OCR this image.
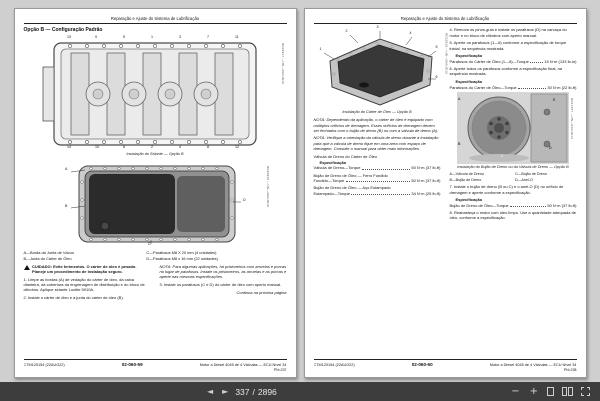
Reparação e Ajuste do Sistema de Lubrificação
Opção B — Configuração Padrão
13	9	5	1	3	7	11
14	10	6	2	4	8	12
RG22917 —UN—29AUG19
Instalação do Selante — Opção B
A
B
C
D	RG22918 —UN—29AUG19
A—Borda da Junta de Vácuo	C—Parafusos M8 X 20 mm (4 unidades)
B—Junta do Cárter de Óleo	D—Parafusos M8 x 16 mm (22 unidades)
CUIDADO: Evite ferimentos. O cárter de óleo é pesado. Planeje um procedimento de instalação seguro.
1. Limpe as bordas (A) de vedação do cárter de óleo, da caixa dianteira, da cobertura da engrenagem de distribuição e do bloco de cilindros. Aplique selante Loctite 5910A.
2. Instale o cárter de óleo e a junta do cárter de óleo (B).
NOTA: Para algumas aplicações, há prisioneiros com arruelas e porcas no lugar de parafusos. Instale os prisioneiros, as arruelas e as porcas e aperte nas mesmas especificações.
3. Instale os parafusos (C e D) do cárter de óleo com aperto manual.
Continua na próxima página
CTM120154 (22AUG22)	02-060-59	Motor a Diesel 4045 de 4 Válvulas — ECU Nível 34
PN=237
Reparação e Ajuste do Sistema de Lubrificação
1
2
3
4
5
6
RG22919 —UN—29AUG19
Instalação do Cárter de Óleo — Opção B
NOTA: Dependendo da aplicação, o cárter de óleo é equipado com múltiplos orifícios de drenagem. Esses orifícios de drenagem devem ser fechados com o bujão de dreno (B) ou com a válvula de dreno (A).
NOTA: Verifique a orientação da válvula de dreno durante a instalação para que a válvula de dreno fique em uma área com espaço de drenagem. Consulte o manual para obter mais informações.
Válvula de Dreno do Cárter de Óleo
Especificação
Válvula de Dreno—Torque	50 N·m (37 lb-ft)
Bujão de Dreno de Óleo — Ferro Fundido
Fundido—Torque	50 N·m (37 lb-ft)
Bujão de Dreno de Óleo — Aço Estampado
Estampado—Torque	34 N·m (25 lb-ft)
4. Remova os pinos-guia e instale os parafusos (D) na carcaça do motor e no bloco de cilindros com aperto manual.
5. Aperte os parafusos (1—6) conforme a especificação de torque inicial, na sequência mostrada.
Especificação
Parafusos do Cárter de Óleo (1—6)—Torque	15 N·m (133 lb-in)
6. Aperte todos os parafusos conforme a especificação final, na sequência mostrada.
Especificação
Parafusos do Cárter de Óleo—Torque	30 N·m (22 lb-ft)
A
B
C
D
E	RG13157 —UN—04AUG14
Instalação do Bujão de Dreno ou da Válvula de Dreno — Opção B
A—Válvula de Dreno	C—Bujão de Dreno
B—Bujão de Dreno	D—Anel-O
7. Instale o bujão de dreno (B ou C) e o anel-O (D) no orifício de drenagem e aperte conforme a especificação.
Especificação
Bujão de Dreno de Óleo—Torque	50 N·m (37 lb-ft)
8. Reabasteça o motor com óleo limpo. Use a quantidade adequada de óleo, conforme a especificação.
CTM120154 (22AUG22)	02-060-60	Motor a Diesel 4045 de 4 Válvulas — ECU Nível 34
PN=238
◄ ► 337 / 2896	− +
